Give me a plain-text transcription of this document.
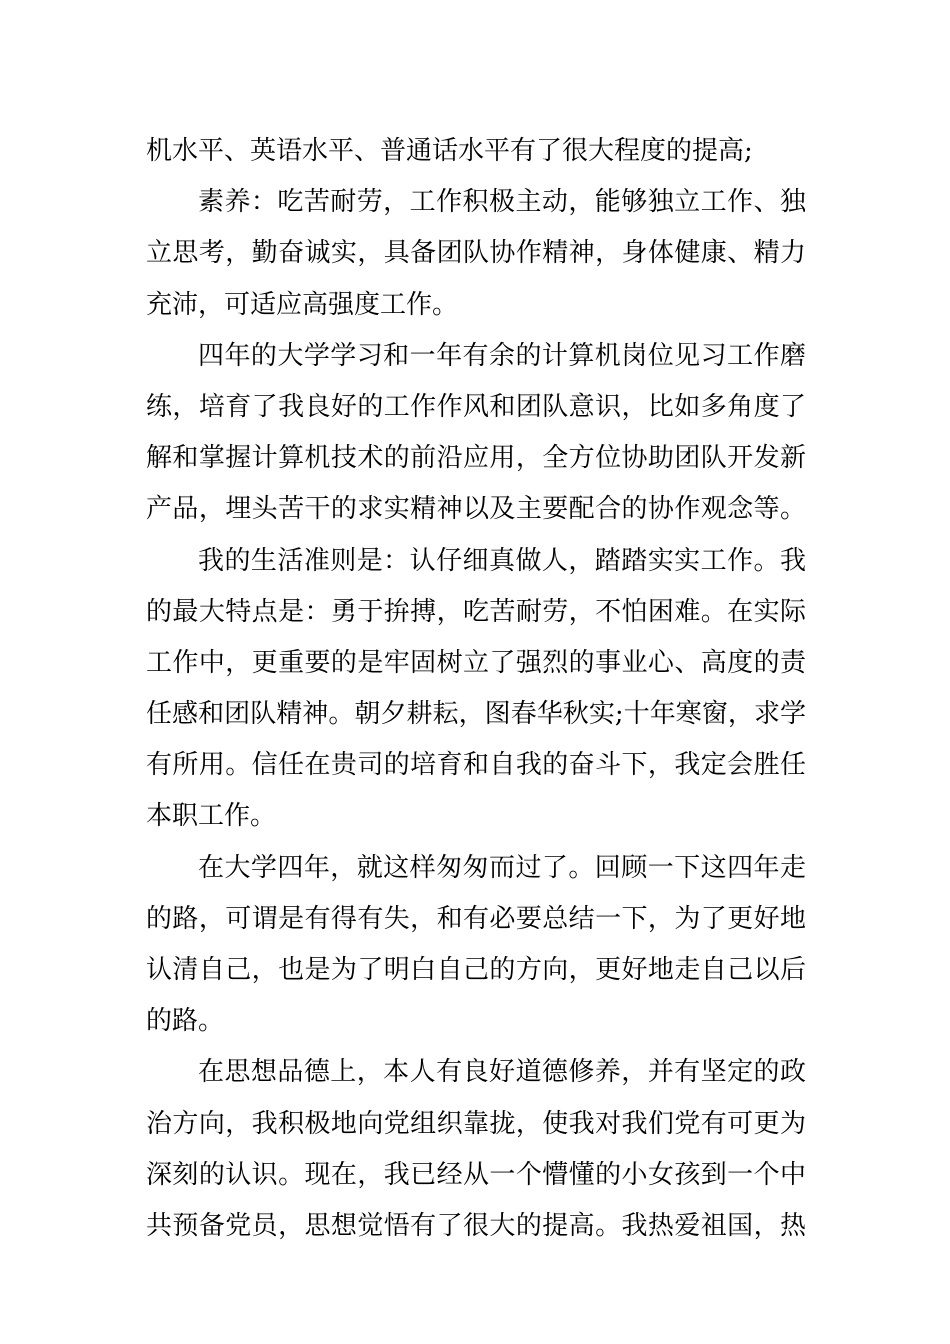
机水平、英语水平、普通话水平有了很大程度的提高;
素养：吃苦耐劳，工作积极主动，能够独立工作、独
立思考，勤奋诚实，具备团队协作精神，身体健康、精力
充沛，可适应高强度工作。
四年的大学学习和一年有余的计算机岗位见习工作磨
练，培育了我良好的工作作风和团队意识，比如多角度了
解和掌握计算机技术的前沿应用，全方位协助团队开发新
产品，埋头苦干的求实精神以及主要配合的协作观念等。
我的生活准则是：认仔细真做人，踏踏实实工作。我
的最大特点是：勇于拚搏，吃苦耐劳，不怕困难。在实际
工作中，更重要的是牢固树立了强烈的事业心、高度的责
任感和团队精神。朝夕耕耘，图春华秋实;十年寒窗，求学
有所用。信任在贵司的培育和自我的奋斗下，我定会胜任
本职工作。
在大学四年，就这样匆匆而过了。回顾一下这四年走
的路，可谓是有得有失，和有必要总结一下，为了更好地
认清自己，也是为了明白自己的方向，更好地走自己以后
的路。
在思想品德上，本人有良好道德修养，并有坚定的政
治方向，我积极地向党组织靠拢，使我对我们党有可更为
深刻的认识。现在，我已经从一个懵懂的小女孩到一个中
共预备党员，思想觉悟有了很大的提高。我热爱祖国，热
